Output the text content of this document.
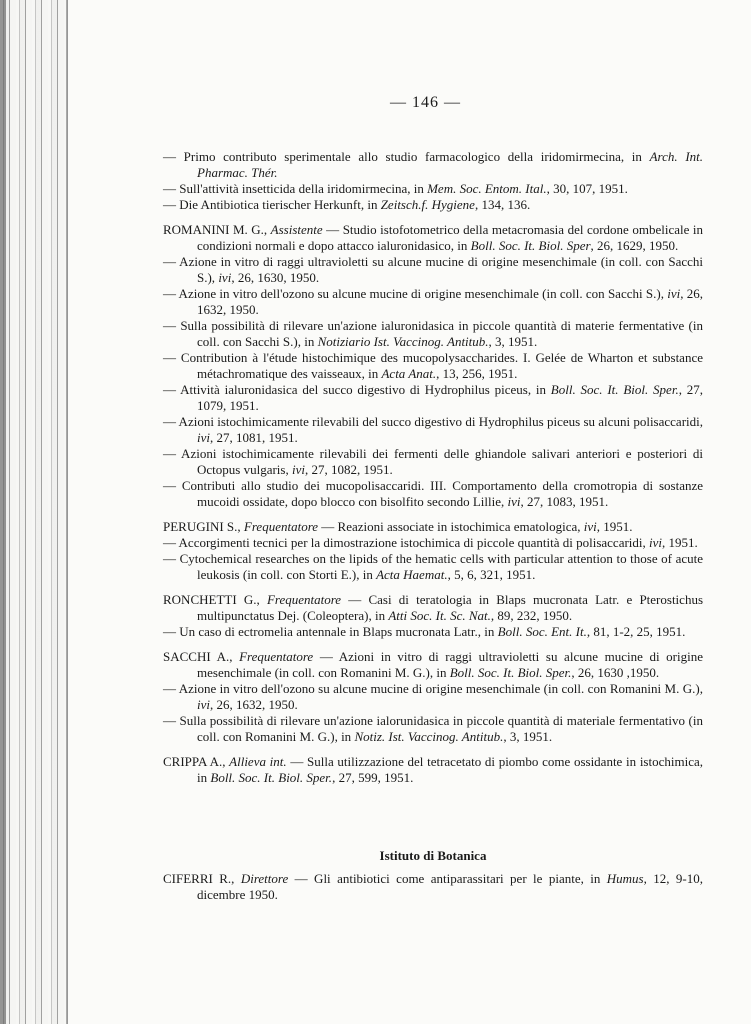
— 146 —

— Primo contributo sperimentale allo studio farmacologico della iridomirmecina, in Arch. Int. Pharmac. Thér.

— Sull'attività insetticida della iridomirmecina, in Mem. Soc. Entom. Ital., 30, 107, 1951.

— Die Antibiotica tierischer Herkunft, in Zeitsch.f. Hygiene, 134, 136.

ROMANINI M. G., Assistente — Studio istofotometrico della metacromasia del cordone ombelicale in condizioni normali e dopo attacco ialuronidasico, in Boll. Soc. It. Biol. Sper, 26, 1629, 1950.

— Azione in vitro di raggi ultravioletti su alcune mucine di origine mesenchimale (in coll. con Sacchi S.), ivi, 26, 1630, 1950.

— Azione in vitro dell'ozono su alcune mucine di origine mesenchimale (in coll. con Sacchi S.), ivi, 26, 1632, 1950.

— Sulla possibilità di rilevare un'azione ialuronidasica in piccole quantità di materie fermentative (in coll. con Sacchi S.), in Notiziario Ist. Vaccinog. Antitub., 3, 1951.

— Contribution à l'étude histochimique des mucopolysaccharides. I. Gelée de Wharton et substance métachromatique des vaisseaux, in Acta Anat., 13, 256, 1951.

— Attività ialuronidasica del succo digestivo di Hydrophilus piceus, in Boll. Soc. It. Biol. Sper., 27, 1079, 1951.

— Azioni istochimicamente rilevabili del succo digestivo di Hydrophilus piceus su alcuni polisaccaridi, ivi, 27, 1081, 1951.

— Azioni istochimicamente rilevabili dei fermenti delle ghiandole salivari anteriori e posteriori di Octopus vulgaris, ivi, 27, 1082, 1951.

— Contributi allo studio dei mucopolisaccaridi. III. Comportamento della cromotropia di sostanze mucoidi ossidate, dopo blocco con bisolfito secondo Lillie, ivi, 27, 1083, 1951.

PERUGINI S., Frequentatore — Reazioni associate in istochimica ematologica, ivi, 1951.

— Accorgimenti tecnici per la dimostrazione istochimica di piccole quantità di polisaccaridi, ivi, 1951.

— Cytochemical researches on the lipids of the hematic cells with particular attention to those of acute leukosis (in coll. con Storti E.), in Acta Haemat., 5, 6, 321, 1951.

RONCHETTI G., Frequentatore — Casi di teratologia in Blaps mucronata Latr. e Pterostichus multipunctatus Dej. (Coleoptera), in Atti Soc. It. Sc. Nat., 89, 232, 1950.

— Un caso di ectromelia antennale in Blaps mucronata Latr., in Boll. Soc. Ent. It., 81, 1-2, 25, 1951.

SACCHI A., Frequentatore — Azioni in vitro di raggi ultravioletti su alcune mucine di origine mesenchimale (in coll. con Romanini M. G.), in Boll. Soc. It. Biol. Sper., 26, 1630 ,1950.

— Azione in vitro dell'ozono su alcune mucine di origine mesenchimale (in coll. con Romanini M. G.), ivi, 26, 1632, 1950.

— Sulla possibilità di rilevare un'azione ialorunidasica in piccole quantità di materiale fermentativo (in coll. con Romanini M. G.), in Notiz. Ist. Vaccinog. Antitub., 3, 1951.

CRIPPA A., Allieva int. — Sulla utilizzazione del tetracetato di piombo come ossidante in istochimica, in Boll. Soc. It. Biol. Sper., 27, 599, 1951.

Istituto di Botanica

CIFERRI R., Direttore — Gli antibiotici come antiparassitari per le piante, in Humus, 12, 9-10, dicembre 1950.
